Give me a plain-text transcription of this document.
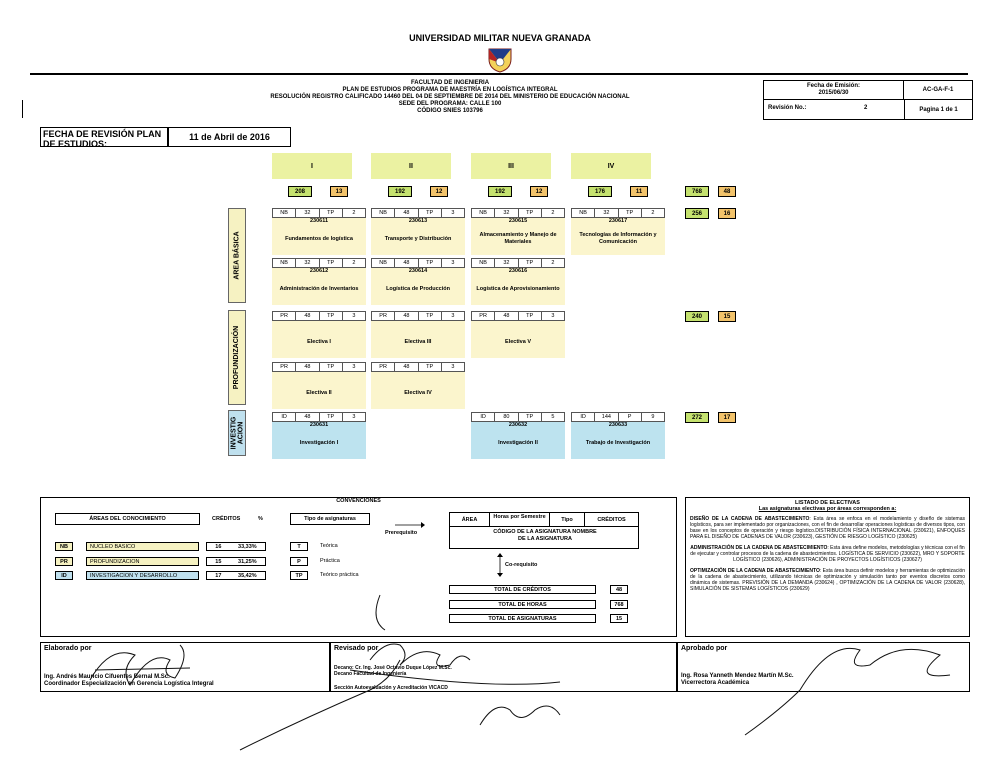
UNIVERSIDAD MILITAR NUEVA GRANADA
FACULTAD DE INGENIERIA
PLAN DE ESTUDIOS PROGRAMA DE MAESTRÍA EN LOGÍSTICA INTEGRAL
RESOLUCIÓN REGISTRO CALIFICADO 14460 DEL 04 DE SEPTIEMBRE DE 2014 DEL MINISTERIO DE EDUCACIÓN NACIONAL
SEDE DEL PROGRAMA: CALLE 100
CÓDIGO SNIES 103796
Fecha de Emisión:
2015/06/30	AC-GA-F-1
Revisión No.:	2	Pagina 1 de 1
FECHA DE REVISIÓN PLAN DE ESTUDIOS:
11 de Abril de 2016
I	II	III	IV
208	13	192	12	192	12	176	11	768	48
AREA BÁSICA
PROFUNDIZACIÓN
INVESTIG ACION
256	16
240	15
272	17
NB	32	TP	2
230611
Fundamentos de logística
NB	48	TP	3
230613
Transporte y Distribución
NB	32	TP	2
230615
Almacenamiento y Manejo de Materiales
NB	32	TP	2
230617
Tecnologías de Información y Comunicación
NB	32	TP	2
230612
Administración de Inventarios
NB	48	TP	3
230614
Logística de Producción
NB	32	TP	2
230616
Logística de Aprovisionamiento
PR	48	TP	3
Electiva I
PR	48	TP	3
Electiva III
PR	48	TP	3
Electiva V
PR	48	TP	3
Electiva II
PR	48	TP	3
Electiva IV
ID	48	TP	3
230631
Investigación I
ID	80	TP	5
230632
Investigación II
ID	144	P	9
230633
Trabajo de Investigación
CONVENCIONES
ÁREAS DEL CONOCIMIENTO	CRÉDITOS	%	Tipo de asignaturas
NB	NUCLEO BASICO	16	33,33%	T	Teórica
PR	PROFUNDIZACION	15	31,25%	P	Práctica
ID	INVESTIGACION Y DESARROLLO	17	35,42%	TP	Teórico práctica
Prerequisito
ÁREA	Horas por Semestre	Tipo	CRÉDITOS
CÓDIGO DE LA ASIGNATURA NOMBRE DE LA ASIGNATURA
Co-requisito
TOTAL DE CRÉDITOS	48
TOTAL DE HORAS	768
TOTAL DE ASIGNATURAS	15
LISTADO DE ELECTIVAS
Las asignaturas electivas por áreas corresponden a:
DISEÑO DE LA CADENA DE ABASTECIMIENTO: Esta área se enfoca en el modelamiento y diseño de sistemas logísticos, para ser implementado por organizaciones, con el fin de desarrollar operaciones logísticas de diversos tipos, con base en los conceptos de operación y riesgo logístico.DISTRIBUCIÓN FÍSICA INTERNACIONAL (230621), ENFOQUES PARA EL DISEÑO DE CADENAS DE VALOR (230623), GESTIÓN DE RIESGO LOGÍSTICO (230625)
ADMINISTRACIÓN DE LA CADENA DE ABASTECIMIENTO: Esta área define modelos, metodologías y técnicas con el fin de ejecutar y controlar procesos de la cadena de abastecimientos. LOGÍSTICA DE SERVICIO (230622), MRO Y SOPORTE LOGÍSTICO (230626), ADMINISTRACIÓN DE PROYECTOS LOGÍSTICOS (230627)
OPTIMIZACIÓN DE LA CADENA DE ABASTECIMIENTO: Esta área busca definir modelos y herramientas de optimización de la cadena de abastecimiento, utilizando técnicas de optimización y simulación tanto por eventos discretos como dinámica de sistemas. PREVISIÓN DE LA DEMANDA (230624) , OPTIMIZACIÓN DE LA CADENA DE VALOR (230628), SIMULACIÓN DE SISTEMAS LOGÍSTICOS (230629)
Elaborado por
Ing. Andrés Mauricio Cifuentes Bernal M.Sc.
Coordinador Especialización en Gerencia Logística Integral
Revisado por
Decano: Cr. Ing. José Octavio Duque López M.Sc.
Decano Facultad de Ingeniería
Sección Autoevaluación y Acreditación VICACD
Aprobado por
Ing. Rosa Yanneth Mendez Martín M.Sc.
Vicerrectora Académica
